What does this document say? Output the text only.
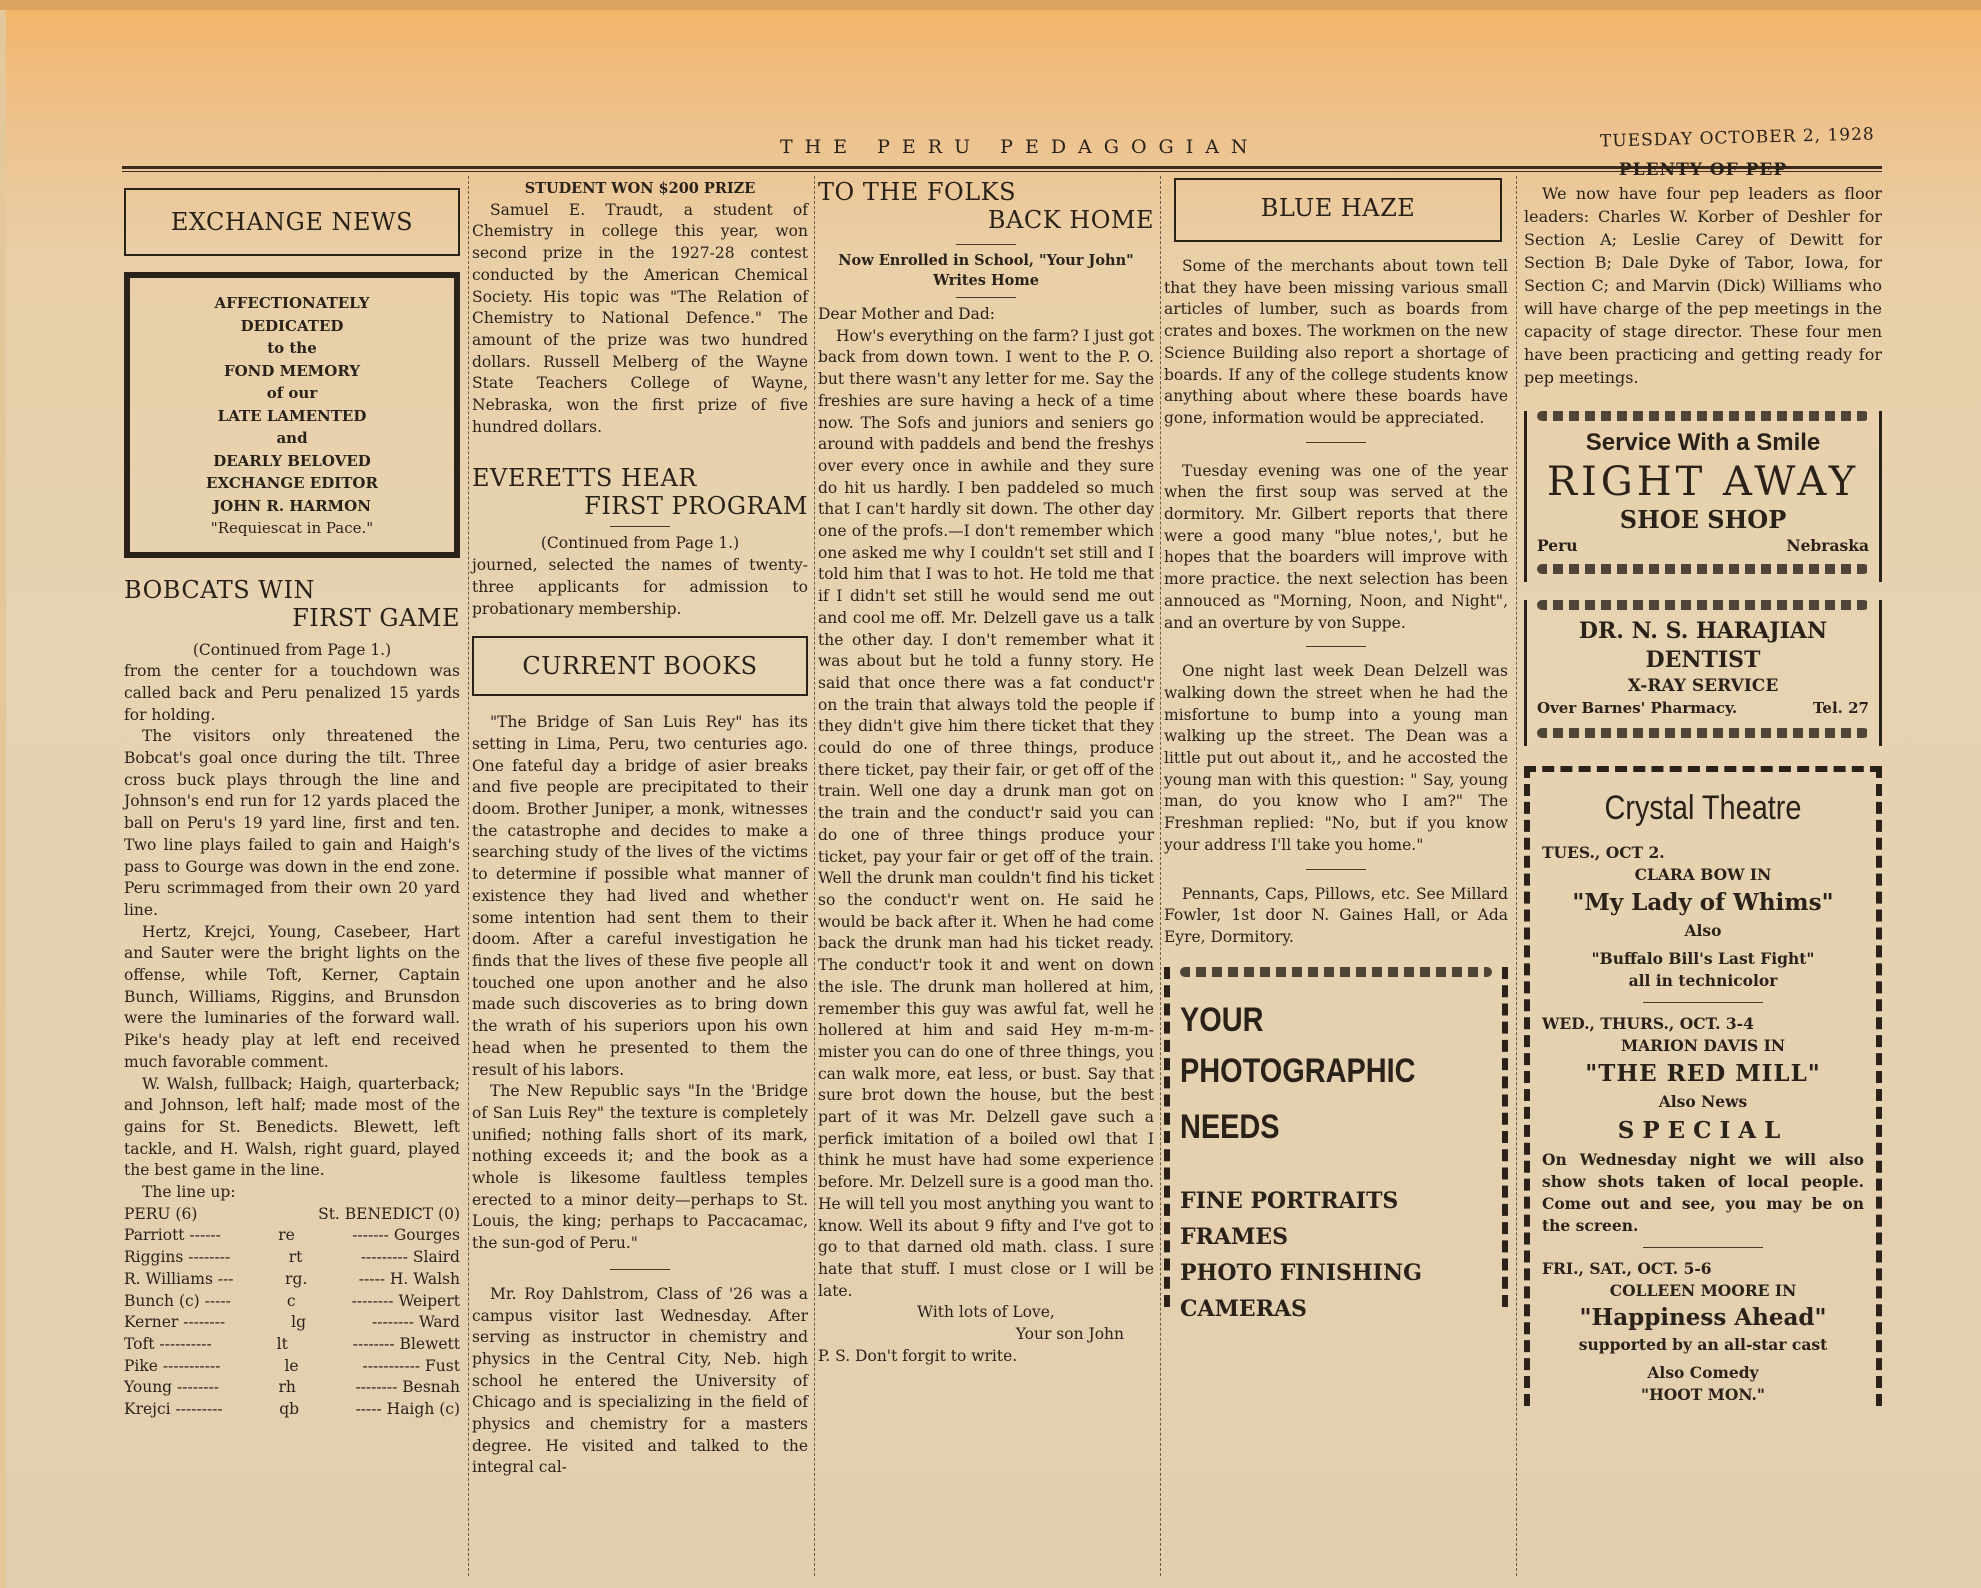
THE PERU PEDAGOGIAN	TUESDAY OCTOBER 2, 1928
EXCHANGE NEWS
AFFECTIONATELY
DEDICATED
to the
FOND MEMORY
of our
LATE LAMENTED
and
DEARLY BELOVED
EXCHANGE EDITOR
JOHN R. HARMON
"Requiescat in Pace."
BOBCATS WIN
FIRST GAME
(Continued from Page 1.)

from the center for a touchdown was called back and Peru penalized 15 yards for holding.

The visitors only threatened the Bobcat's goal once during the tilt. Three cross buck plays through the line and Johnson's end run for 12 yards placed the ball on Peru's 19 yard line, first and ten. Two line plays failed to gain and Haigh's pass to Gourge was down in the end zone. Peru scrimmaged from their own 20 yard line.

Hertz, Krejci, Young, Casebeer, Hart and Sauter were the bright lights on the offense, while Toft, Kerner, Captain Bunch, Williams, Riggins, and Brunsdon were the luminaries of the forward wall. Pike's heady play at left end received much favorable comment.

W. Walsh, fullback; Haigh, quarterback; and Johnson, left half; made most of the gains for St. Benedicts. Blewett, left tackle, and H. Walsh, right guard, played the best game in the line.

The line up:

PERU (6)	St. BENEDICT (0)
Parriott ------	re	------- Gourges
Riggins --------	rt	--------- Slaird
R. Williams ---	rg.	----- H. Walsh
Bunch (c) -----	c	-------- Weipert
Kerner --------	lg	-------- Ward
Toft ----------	lt	-------- Blewett
Pike -----------	le	----------- Fust
Young --------	rh	-------- Besnah
Krejci ---------	qb	----- Haigh (c)
STUDENT WON $200 PRIZE

Samuel E. Traudt, a student of Chemistry in college this year, won second prize in the 1927-28 contest conducted by the American Chemical Society. His topic was "The Relation of Chemistry to National Defence." The amount of the prize was two hundred dollars. Russell Melberg of the Wayne State Teachers College of Wayne, Nebraska, won the first prize of five hundred dollars.

EVERETTS HEAR
FIRST PROGRAM
(Continued from Page 1.)

journed, selected the names of twenty-three applicants for admission to probationary membership.

CURRENT BOOKS

"The Bridge of San Luis Rey" has its setting in Lima, Peru, two centuries ago. One fateful day a bridge of asier breaks and five people are precipitated to their doom. Brother Juniper, a monk, witnesses the catastrophe and decides to make a searching study of the lives of the victims to determine if possible what manner of existence they had lived and whether some intention had sent them to their doom. After a careful investigation he finds that the lives of these five people all touched one upon another and he also made such discoveries as to bring down the wrath of his superiors upon his own head when he presented to them the result of his labors.

The New Republic says "In the 'Bridge of San Luis Rey" the texture is completely unified; nothing falls short of its mark, nothing exceeds it; and the book as a whole is likesome faultless temples erected to a minor deity—perhaps to St. Louis, the king; perhaps to Paccacamac, the sun-god of Peru."

Mr. Roy Dahlstrom, Class of '26 was a campus visitor last Wednesday. After serving as instructor in chemistry and physics in the Central City, Neb. high school he entered the University of Chicago and is specializing in the field of physics and chemistry for a masters degree. He visited and talked to the integral cal-

TO THE FOLKS
BACK HOME
Now Enrolled in School, "Your John" Writes Home

Dear Mother and Dad:

How's everything on the farm? I just got back from down town. I went to the P. O. but there wasn't any letter for me. Say the freshies are sure having a heck of a time now. The Sofs and juniors and seniers go around with paddels and bend the freshys over every once in awhile and they sure do hit us hardly. I ben paddeled so much that I can't hardly sit down. The other day one of the profs.—I don't remember which one asked me why I couldn't set still and I told him that I was to hot. He told me that if I didn't set still he would send me out and cool me off. Mr. Delzell gave us a talk the other day. I don't remember what it was about but he told a funny story. He said that once there was a fat conduct'r on the train that always told the people if they didn't give him there ticket that they could do one of three things, produce there ticket, pay their fair, or get off of the train. Well one day a drunk man got on the train and the conduct'r said you can do one of three things produce your ticket, pay your fair or get off of the train. Well the drunk man couldn't find his ticket so the conduct'r went on. He said he would be back after it. When he had come back the drunk man had his ticket ready. The conduct'r took it and went on down the isle. The drunk man hollered at him, remember this guy was awful fat, well he hollered at him and said Hey m-m-m-mister you can do one of three things, you can walk more, eat less, or bust. Say that sure brot down the house, but the best part of it was Mr. Delzell gave such a perfick imitation of a boiled owl that I think he must have had some experience before. Mr. Delzell sure is a good man tho. He will tell you most anything you want to know. Well its about 9 fifty and I've got to go to that darned old math. class. I sure hate that stuff. I must close or I will be late.

With lots of Love,
Your son John
P. S. Don't forgit to write.
BLUE HAZE

Some of the merchants about town tell that they have been missing various small articles of lumber, such as boards from crates and boxes. The workmen on the new Science Building also report a shortage of boards. If any of the college students know anything about where these boards have gone, information would be appreciated.

Tuesday evening was one of the year when the first soup was served at the dormitory. Mr. Gilbert reports that there were a good many "blue notes,', but he hopes that the boarders will improve with more practice. the next selection has been annouced as "Morning, Noon, and Night", and an overture by von Suppe.

One night last week Dean Delzell was walking down the street when he had the misfortune to bump into a young man walking up the street. The Dean was a little put out about it,, and he accosted the young man with this question: " Say, young man, do you know who I am?" The Freshman replied: "No, but if you know your address I'll take you home."

Pennants, Caps, Pillows, etc. See Millard Fowler, 1st door N. Gaines Hall, or Ada Eyre, Dormitory.

YOUR
PHOTOGRAPHIC
NEEDS
FINE PORTRAITS
FRAMES
PHOTO FINISHING
CAMERAS
PLENTY OF PEP

We now have four pep leaders as floor leaders: Charles W. Korber of Deshler for Section A; Leslie Carey of Dewitt for Section B; Dale Dyke of Tabor, Iowa, for Section C; and Marvin (Dick) Williams who will have charge of the pep meetings in the capacity of stage director. These four men have been practicing and getting ready for pep meetings.

Service With a Smile
RIGHT AWAY
SHOE SHOP
Peru	Nebraska
DR. N. S. HARAJIAN
DENTIST
X-RAY SERVICE
Over Barnes' Pharmacy.	Tel. 27
Crystal Theatre
TUES., OCT 2.
CLARA BOW IN
"My Lady of Whims"
Also
"Buffalo Bill's Last Fight"
all in technicolor
WED., THURS., OCT. 3-4
MARION DAVIS IN
"THE RED MILL"
Also News
SPECIAL
On Wednesday night we will also show shots taken of local people. Come out and see, you may be on the screen.
FRI., SAT., OCT. 5-6
COLLEEN MOORE IN
"Happiness Ahead"
supported by an all-star cast
Also Comedy
"HOOT MON."
